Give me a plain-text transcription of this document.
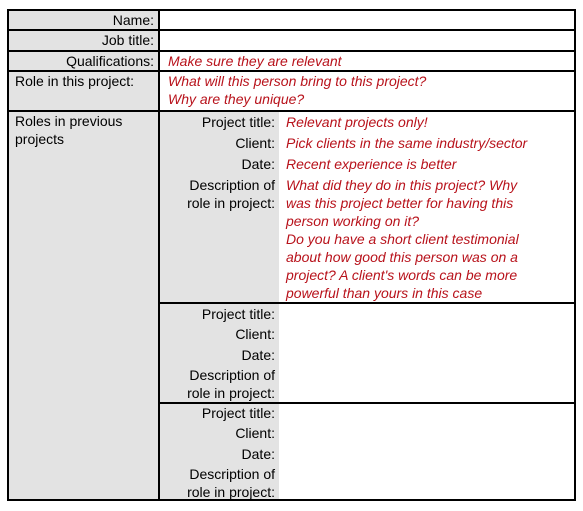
Name:
Job title:
Qualifications:	Make sure they are relevant
Role in this project:	What will this person bring to this project?
Why are they unique?
Roles in previous
projects
Project title:
Client:
Date:
Description of
role in project:
Relevant projects only!
Pick clients in the same industry/sector
Recent experience is better
What did they do in this project? Why
was this project better for having this
person working on it?
Do you have a short client testimonial
about how good this person was on a
project? A client's words can be more
powerful than yours in this case
Project title:
Client:
Date:
Description of
role in project:
Project title:
Client:
Date:
Description of
role in project:
